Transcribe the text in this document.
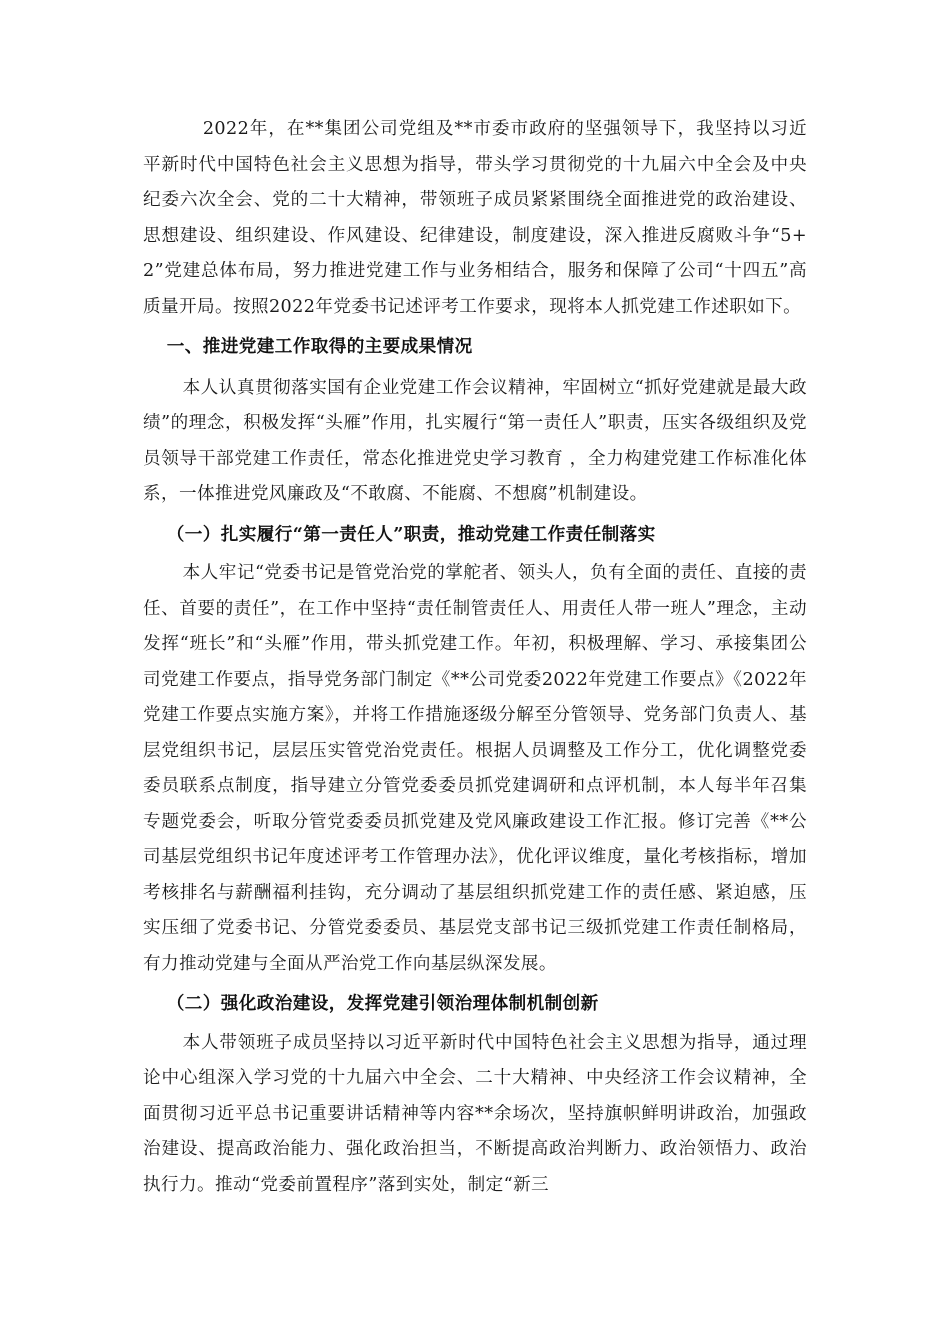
2022年，在**集团公司党组及**市委市政府的坚强领导下，我坚持以习近平新时代中国特色社会主义思想为指导，带头学习贯彻党的十九届六中全会及中央纪委六次全会、党的二十大精神，带领班子成员紧紧围绕全面推进党的政治建设、思想建设、组织建设、作风建设、纪律建设，制度建设，深入推进反腐败斗争“5+2”党建总体布局，努力推进党建工作与业务相结合，服务和保障了公司“十四五”高质量开局。按照2022年党委书记述评考工作要求，现将本人抓党建工作述职如下。

一、推进党建工作取得的主要成果情况

本人认真贯彻落实国有企业党建工作会议精神，牢固树立“抓好党建就是最大政绩”的理念，积极发挥“头雁”作用，扎实履行“第一责任人”职责，压实各级组织及党员领导干部党建工作责任，常态化推进党史学习教育 ，全力构建党建工作标准化体系，一体推进党风廉政及“不敢腐、不能腐、不想腐”机制建设。

（一）扎实履行“第一责任人”职责，推动党建工作责任制落实

本人牢记“党委书记是管党治党的掌舵者、领头人，负有全面的责任、直接的责任、首要的责任”，在工作中坚持“责任制管责任人、用责任人带一班人”理念，主动发挥“班长”和“头雁”作用，带头抓党建工作。年初，积极理解、学习、承接集团公司党建工作要点，指导党务部门制定《**公司党委2022年党建工作要点》《2022年党建工作要点实施方案》，并将工作措施逐级分解至分管领导、党务部门负责人、基层党组织书记，层层压实管党治党责任。根据人员调整及工作分工，优化调整党委委员联系点制度，指导建立分管党委委员抓党建调研和点评机制，本人每半年召集专题党委会，听取分管党委委员抓党建及党风廉政建设工作汇报。修订完善《**公司基层党组织书记年度述评考工作管理办法》，优化评议维度，量化考核指标，增加考核排名与薪酬福利挂钩，充分调动了基层组织抓党建工作的责任感、紧迫感，压实压细了党委书记、分管党委委员、基层党支部书记三级抓党建工作责任制格局，有力推动党建与全面从严治党工作向基层纵深发展。

（二）强化政治建设，发挥党建引领治理体制机制创新

本人带领班子成员坚持以习近平新时代中国特色社会主义思想为指导，通过理论中心组深入学习党的十九届六中全会、二十大精神、中央经济工作会议精神，全面贯彻习近平总书记重要讲话精神等内容**余场次，坚持旗帜鲜明讲政治，加强政治建设、提高政治能力、强化政治担当，不断提高政治判断力、政治领悟力、政治执行力。推动“党委前置程序”落到实处，制定“新三
